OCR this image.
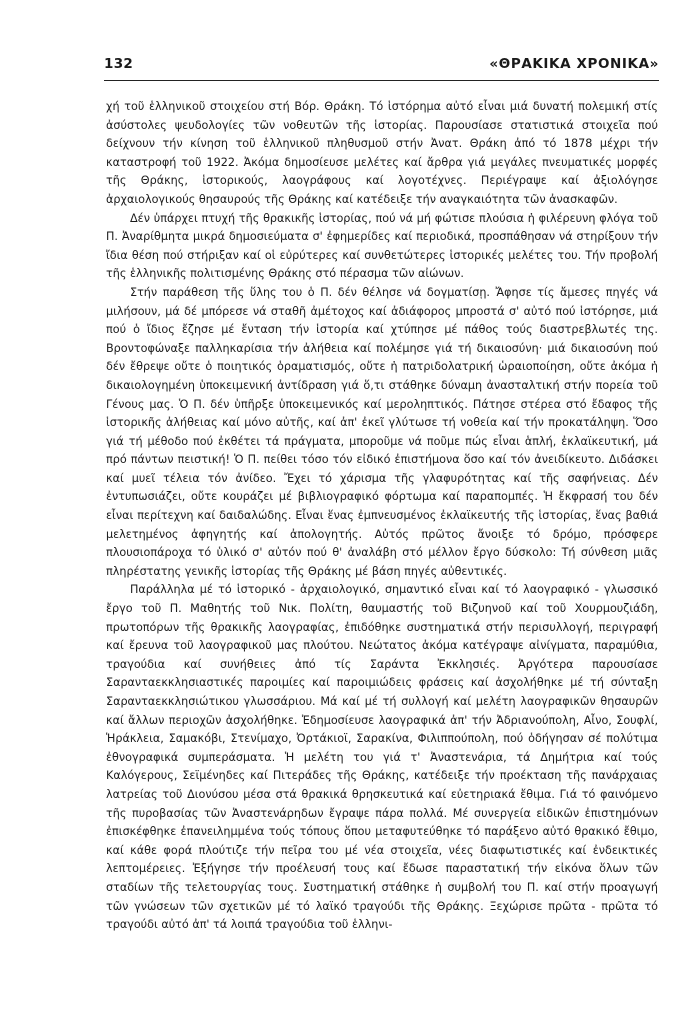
132	«ΘΡΑΚΙΚΑ ΧΡΟΝΙΚΑ»

χή τοῦ ἑλληνικοῦ στοιχείου στή Βόρ. Θράκη. Τό ἱστόρημα αὐτό εἶναι μιά δυνατή πολεμική στίς ἀσύστολες ψευδολογίες τῶν νοθευτῶν τῆς ἱστορίας. Παρουσίασε στατιστικά στοιχεῖα πού δείχνουν τήν κίνηση τοῦ ἑλληνικοῦ πληθυσμοῦ στήν Ἀνατ. Θράκη ἀπό τό 1878 μέχρι τήν καταστροφή τοῦ 1922. Ἀκόμα δημοσίευσε μελέτες καί ἄρθρα γιά μεγάλες πνευματικές μορφές τῆς Θράκης, ἱστορικούς, λαογράφους καί λογοτέχνες. Περιέγραψε καί ἀξιολόγησε ἀρχαιολογικούς θησαυρούς τῆς Θράκης καί κατέδειξε τήν αναγκαιότητα τῶν ἀνασκαφῶν.

Δέν ὑπάρχει πτυχή τῆς θρακικῆς ἱστορίας, πού νά μή φώτισε πλούσια ἡ φιλέρευνη φλόγα τοῦ Π. Ἀναρίθμητα μικρά δημοσιεύματα σ' ἐφημερίδες καί περιοδικά, προσπάθησαν νά στηρίξουν τήν ἴδια θέση πού στήριξαν καί οἱ εὐρύτερες καί συνθετώτερες ἱστορικές μελέτες του. Τήν προβολή τῆς ἑλληνικῆς πολιτισμένης Θράκης στό πέρασμα τῶν αἰώνων.

Στήν παράθεση τῆς ὕλης του ὁ Π. δέν θέλησε νά δογματίσῃ. Ἄφησε τίς ἄμεσες πηγές νά μιλήσουν, μά δέ μπόρεσε νά σταθῆ ἀμέτοχος καί ἀδιάφορος μπροστά σ' αὐτό πού ἱστόρησε, μιά πού ὁ ἴδιος ἔζησε μέ ἔνταση τήν ἱστορία καί χτύπησε μέ πάθος τούς διαστρεβλωτές της. Βροντοφώναξε παλληκαρίσια τήν ἀλήθεια καί πολέμησε γιά τή δικαιοσύνη· μιά δικαιοσύνη πού δέν ἔθρεψε οὔτε ὁ ποιητικός ὁραματισμός, οὔτε ἡ πατριδολατρική ὡραιοποίηση, οὔτε ἀκόμα ἡ δικαιολογημένη ὑποκειμενική ἀντίδραση γιά ὅ,τι στάθηκε δύναμη ἀνασταλτική στήν πορεία τοῦ Γένους μας. Ὁ Π. δέν ὑπῆρξε ὑποκειμενικός καί μεροληπτικός. Πάτησε στέρεα στό ἔδαφος τῆς ἱστορικῆς ἀλήθειας καί μόνο αὐτῆς, καί ἀπ' ἐκεῖ γλύτωσε τή νοθεία καί τήν προκατάληψη. Ὅσο γιά τή μέθοδο πού ἐκθέτει τά πράγματα, μποροῦμε νά ποῦμε πώς εἶναι ἁπλή, ἐκλαϊκευτική, μά πρό πάντων πειστική! Ὁ Π. πείθει τόσο τόν εἰδικό ἐπιστήμονα ὅσο καί τόν ἀνειδίκευτο. Διδάσκει καί μυεῖ τέλεια τόν ἀνίδεο. Ἔχει τό χάρισμα τῆς γλαφυρότητας καί τῆς σαφήνειας. Δέν ἐντυπωσιάζει, οὔτε κουράζει μέ βιβλιογραφικό φόρτωμα καί παραπομπές. Ἡ ἔκφρασή του δέν εἶναι περίτεχνη καί δαιδαλώδης. Εἶναι ἕνας ἐμπνευσμένος ἐκλαϊκευτής τῆς ἱστορίας, ἕνας βαθιά μελετημένος ἀφηγητής καί ἀπολογητής. Αὐτός πρῶτος ἄνοιξε τό δρόμο, πρόσφερε πλουσιοπάροχα τό ὑλικό σ' αὐτόν πού θ' ἀναλάβη στό μέλλον ἔργο δύσκολο: Τή σύνθεση μιᾶς πληρέστατης γενικῆς ἱστορίας τῆς Θράκης μέ βάση πηγές αὐθεντικές.

Παράλληλα μέ τό ἱστορικό - ἀρχαιολογικό, σημαντικό εἶναι καί τό λαογραφικό - γλωσσικό ἔργο τοῦ Π. Μαθητής τοῦ Νικ. Πολίτη, θαυμαστής τοῦ Βιζυηνοῦ καί τοῦ Χουρμουζιάδη, πρωτοπόρων τῆς θρακικῆς λαογραφίας, ἐπιδόθηκε συστηματικά στήν περισυλλογή, περιγραφή καί ἔρευνα τοῦ λαογραφικοῦ μας πλούτου. Νεώτατος ἀκόμα κατέγραψε αἰνίγματα, παραμύθια, τραγούδια καί συνήθειες ἀπό τίς Σαράντα Ἐκκλησιές. Ἀργότερα παρουσίασε Σαρανταεκκλησιαστικές παροιμίες καί παροιμιώδεις φράσεις καί ἀσχολήθηκε μέ τή σύνταξη Σαρανταεκκλησιώτικου γλωσσάριου. Μά καί μέ τή συλλογή καί μελέτη λαογραφικῶν θησαυρῶν καί ἄλλων περιοχῶν ἀσχολήθηκε. Ἐδημοσίευσε λαογραφικά ἀπ' τήν Ἀδριανούπολη, Αἶνο, Σουφλί, Ἡράκλεια, Σαμακόβι, Στενίμαχο, Ὀρτάκιοϊ, Σαρακίνα, Φιλιππούπολη, πού ὁδήγησαν σέ πολύτιμα ἐθνογραφικά συμπεράσματα. Ἡ μελέτη του γιά τ' Ἀναστενάρια, τά Δημήτρια καί τούς Καλόγερους, Σεϊμένηδες καί Πιτεράδες τῆς Θράκης, κατέδειξε τήν προέκταση τῆς πανάρχαιας λατρείας τοῦ Διονύσου μέσα στά θρακικά θρησκευτικά καί εὐετηριακά ἔθιμα. Γιά τό φαινόμενο τῆς πυροβασίας τῶν Ἀναστενάρηδων ἔγραψε πάρα πολλά. Μέ συνεργεία εἰδικῶν ἐπιστημόνων ἐπισκέφθηκε ἐπανειλημμένα τούς τόπους ὅπου μεταφυτεύθηκε τό παράξενο αὐτό θρακικό ἔθιμο, καί κάθε φορά πλούτιζε τήν πεῖρα του μέ νέα στοιχεῖα, νέες διαφωτιστικές καί ἐνδεικτικές λεπτομέρειες. Ἐξήγησε τήν προέλευσή τους καί ἔδωσε παραστατική τήν εἰκόνα ὅλων τῶν σταδίων τῆς τελετουργίας τους. Συστηματική στάθηκε ἡ συμβολή του Π. καί στήν προαγωγή τῶν γνώσεων τῶν σχετικῶν μέ τό λαϊκό τραγούδι τῆς Θράκης. Ξεχώρισε πρῶτα - πρῶτα τό τραγούδι αὐτό ἀπ' τά λοιπά τραγούδια τοῦ ἑλληνι-
